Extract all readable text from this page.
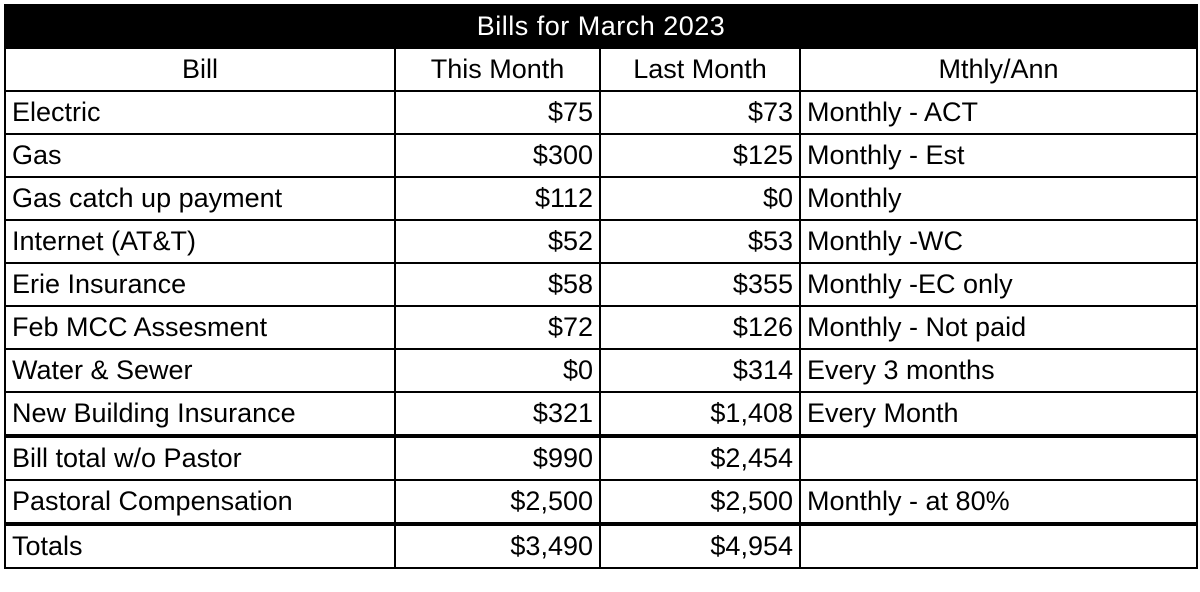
Bills for March 2023			
Bill	This Month	Last Month	Mthly/Ann
Electric	$75	$73	Monthly - ACT
Gas	$300	$125	Monthly - Est
Gas catch up payment	$112	$0	Monthly
Internet (AT&T)	$52	$53	Monthly -WC
Erie Insurance	$58	$355	Monthly -EC only
Feb MCC Assesment	$72	$126	Monthly - Not paid
Water & Sewer	$0	$314	Every 3 months
New Building Insurance	$321	$1,408	Every Month
Bill total w/o Pastor	$990	$2,454	
Pastoral Compensation	$2,500	$2,500	Monthly - at 80%
Totals	$3,490	$4,954	
